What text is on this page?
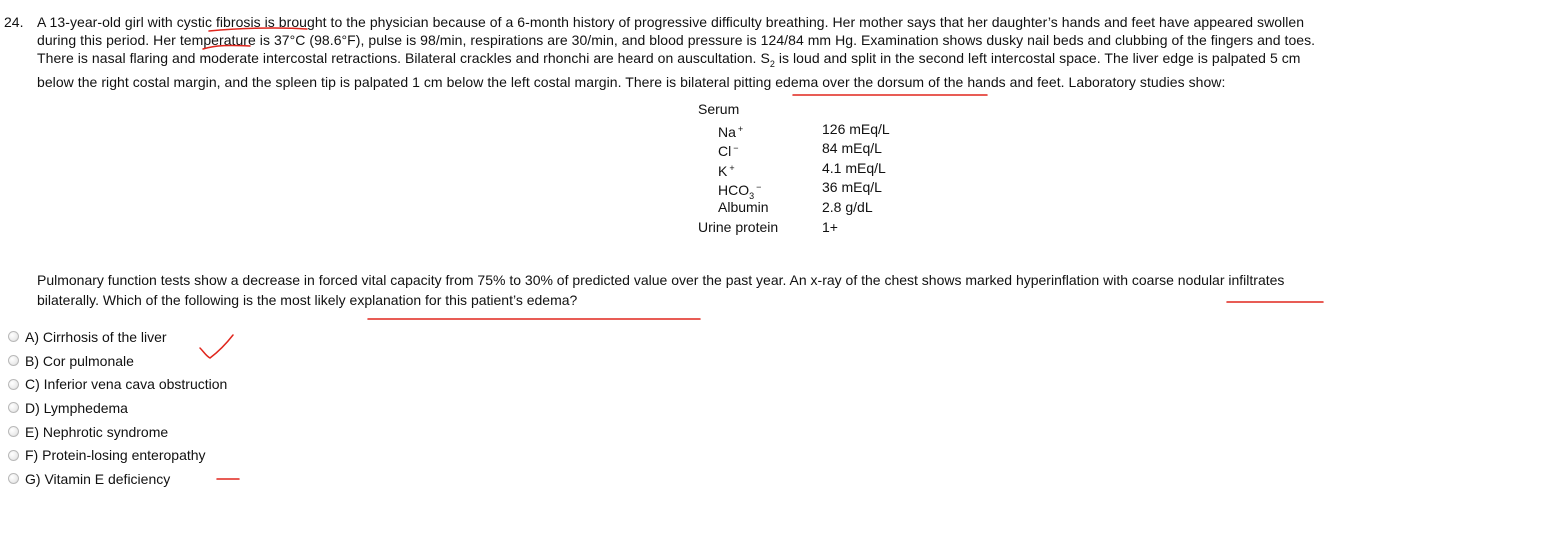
24. A 13-year-old girl with cystic fibrosis is brought to the physician because of a 6-month history of progressive difficulty breathing. Her mother says that her daughter’s hands and feet have appeared swollen

during this period. Her temperature is 37°C (98.6°F), pulse is 98/min, respirations are 30/min, and blood pressure is 124/84 mm Hg. Examination shows dusky nail beds and clubbing of the fingers and toes.

There is nasal flaring and moderate intercostal retractions. Bilateral crackles and rhonchi are heard on auscultation. $S_2$ is loud and split in the second left intercostal space. The liver edge is palpated 5 cm

below the right costal margin, and the spleen tip is palpated 1 cm below the left costal margin. There is bilateral pitting edema over the dorsum of the hands and feet. Laboratory studies show:

Serum
Na +	126 mEq/L
Cl −	84 mEq/L
K +	4.1 mEq/L
$HCO_3^-$	36 mEq/L
Albumin	2.8 g/dL
Urine protein	1+

Pulmonary function tests show a decrease in forced vital capacity from 75% to 30% of predicted value over the past year. An x-ray of the chest shows marked hyperinflation with coarse nodular infiltrates

bilaterally. Which of the following is the most likely explanation for this patient’s edema?

A) Cirrhosis of the liver
B) Cor pulmonale
C) Inferior vena cava obstruction
D) Lymphedema
E) Nephrotic syndrome
F) Protein-losing enteropathy
G) Vitamin E deficiency
